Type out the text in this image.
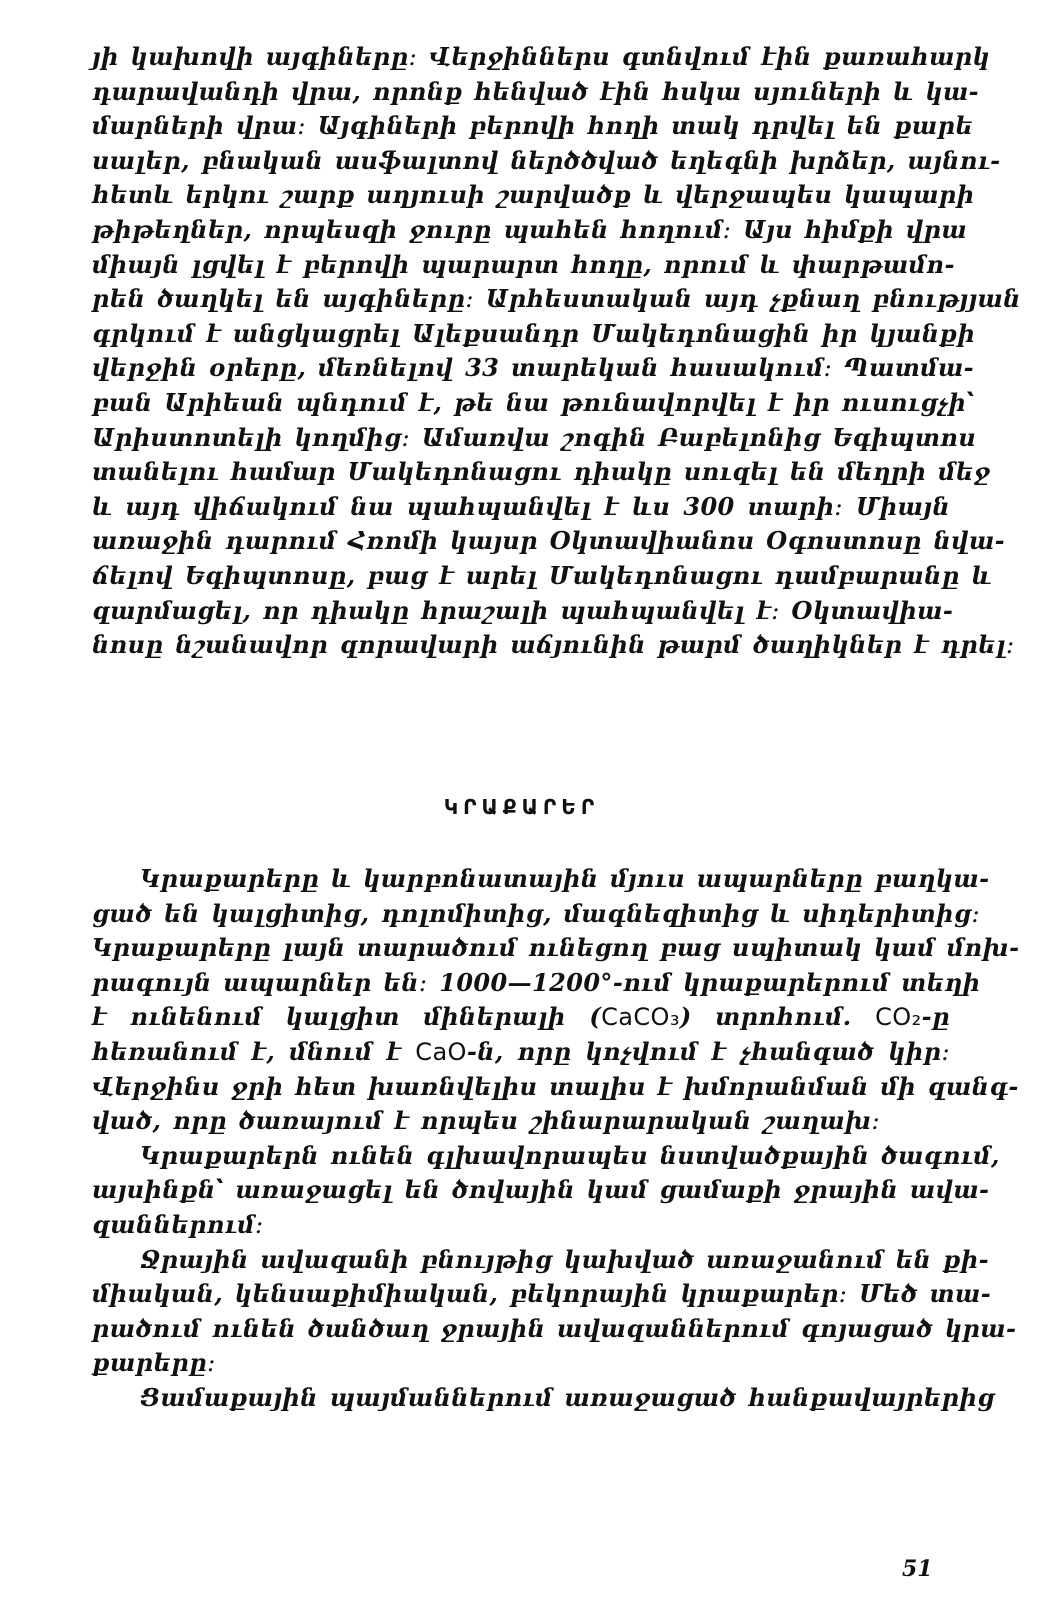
յի կախովի այգիները։ Վերջիններս գտնվում էին քառահարկ
դարավանդի վրա, որոնք հենված էին հսկա սյուների և կա-
մարների վրա։ Այգիների բերովի հողի տակ դրվել են քարե
սալեր, բնական ասֆալտով ներծծված եղեգնի խրձեր, այնու-
հետև երկու շարք աղյուսի շարվածք և վերջապես կապարի
թիթեղներ, որպեսզի ջուրը պահեն հողում։ Այս հիմքի վրա
միայն լցվել է բերովի պարարտ հողը, որում և փարթամո-
րեն ծաղկել են այգիները։ Արհեստական այդ չքնաղ բնությյան
գրկում է անցկացրել Ալեքսանդր Մակեդոնացին իր կյանքի
վերջին օրերը, մեռնելով 33 տարեկան հասակում։ Պատմա-
բան Արիեան պնդում է, թե նա թունավորվել է իր ուսուցչի՝
Արիստոտելի կողմից։ Ամառվա շոգին Բաբելոնից Եգիպտոս
տանելու համար Մակեդոնացու դիակը սուզել են մեղրի մեջ
և այդ վիճակում նա պահպանվել է ևս 300 տարի։ Միայն
առաջին դարում Հռոմի կայսր Օկտավիանոս Օգոստոսը նվա-
ճելով Եգիպտոսը, բաց է արել Մակեդոնացու դամբարանը և
զարմացել, որ դիակը հրաշալի պահպանվել է։ Օկտավիա-
նոսը նշանավոր զորավարի աճյունին թարմ ծաղիկներ է դրել։
ԿՐԱՔԱՐԵՐ
Կրաքարերը և կարբոնատային մյուս ապարները բաղկա-
ցած են կալցիտից, դոլոմիտից, մագնեզիտից և սիդերիտից։
Կրաքարերը լայն տարածում ունեցող բաց սպիտակ կամ մոխ-
րագույն ապարներ են։ 1000—1200°-ում կրաքարերում տեղի
է ունենում կալցիտ միներալի (CaCO₃) տրոհում. CO₂-ը
հեռանում է, մնում է CaO-ն, որը կոչվում է չհանգած կիր։
Վերջինս ջրի հետ խառնվելիս տալիս է խմորանման մի զանգ-
ված, որը ծառայում է որպես շինարարական շաղախ։
Կրաքարերն ունեն գլխավորապես նստվածքային ծագում,
այսինքն՝ առաջացել են ծովային կամ ցամաքի ջրային ավա-
զաններում։
Ջրային ավազանի բնույթից կախված առաջանում են քի-
միական, կենսաքիմիական, բեկորային կրաքարեր։ Մեծ տա-
րածում ունեն ծանծաղ ջրային ավազաններում գոյացած կրա-
քարերը։
Ցամաքային պայմաններում առաջացած հանքավայրերից
51
